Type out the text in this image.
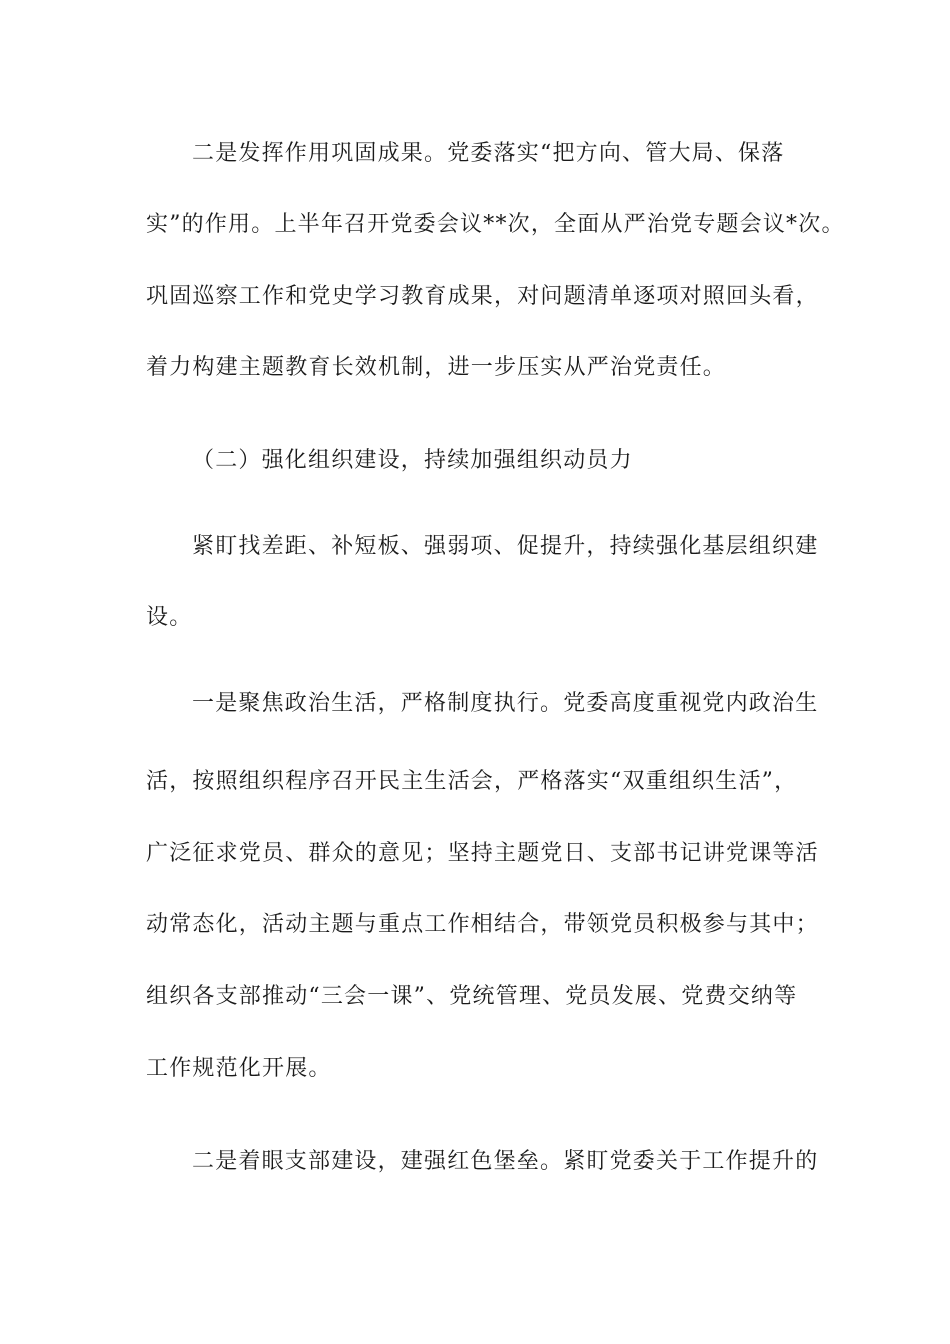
二是发挥作用巩固成果。党委落实“把方向、管大局、保落
实”的作用。上半年召开党委会议**次，全面从严治党专题会议*次。
巩固巡察工作和党史学习教育成果，对问题清单逐项对照回头看，
着力构建主题教育长效机制，进一步压实从严治党责任。
（二）强化组织建设，持续加强组织动员力
紧盯找差距、补短板、强弱项、促提升，持续强化基层组织建
设。
一是聚焦政治生活，严格制度执行。党委高度重视党内政治生
活，按照组织程序召开民主生活会，严格落实“双重组织生活”，
广泛征求党员、群众的意见；坚持主题党日、支部书记讲党课等活
动常态化，活动主题与重点工作相结合，带领党员积极参与其中；
组织各支部推动“三会一课”、党统管理、党员发展、党费交纳等
工作规范化开展。
二是着眼支部建设，建强红色堡垒。紧盯党委关于工作提升的
